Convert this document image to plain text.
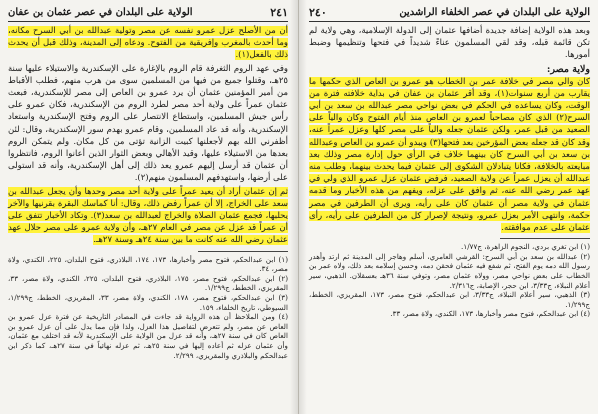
٢٤١
الولاية على البلدان في عصر عثمان بن عفان

أن من الأصلح عزل عمرو نفسه عن مصر وتولية عبدالله بن أبي السرح مكانه، وما أحدث بالمغرب وإفريقية من الفتوح. ودعاه إلى المدينة، وذلك قبل أن يحدث ذلك بالفعل(١).

وفي عهد الروم الثغرفة قام الروم بالإغارة على الإسكندرية والاستيلاء عليها سنة ٢٥هـ، وقتلوا جميع من فيها من المسلمين سوى من هرب منهم، فطلب الأقباط من أمير المؤمنين عثمان أن يرد عمرو بن العاص إلى مصر للإسكندرية، فبعث عثمان عمراً على ولاية أحد مصر لطرد الروم من الإسكندرية، فكان عمرو على رأس جيش المسلمين، واستطاع الانتصار على الروم وفتح الإسكندرية واستعاد الإسكندرية، وأنه قد عاد المسلمين، وقام عمرو بهدم سور الإسكندرية، وقال: لئن أظفرني الله بهم لأجعلنها كبيت الزانية تؤتى من كل مكان. ولم يتمكن الروم بعدها من الاستيلاء عليها، وقيد الأهالي وبعض الثوار الذين أعانوا الروم، فانتظروا أن عثمان قد أرسل إليهم عمرو يعد ذلك إلى أهل الإسكندرية، وأنه قد استولى على أرضها، واستهدفهم المسلمون منهم(٢).

ثم إن عثمان أراد أن يعيد عمراً على ولاية أحد مصر وحدها وأن يجعل عبدالله بن سعد على الخراج، إلا أن عمراً رفض ذلك، وقال: أنا كماسك البقرة بقرنيها والآخر يحلبها، فجمع عثمان الصلاة والخراج لعبدالله بن سعد(٣). وتكاد الأخبار تتفق على أن عمراً قد عزل عن مصر في العام ٢٧هـ، وأن ولاية عمرو على مصر حلال عهد عثمان رضي الله عنه كانت ما بين سنة ٢٤هـ وسنة ٢٧هـ.

(١) ابن عبدالحكم، فتوح مصر وأخبارها، ١٧٣، ١٧٤، البلاذري، فتوح البلدان، ٢٢٥، الكندي، ولاة مصر، ٣٤.

(٢) ابن عبدالحكم، فتوح مصر، ١٧٥، البلاذري، فتوح البلدان، ٢٢٥، الكندي، ولاة مصر، ٣٣، المقريزي، الخطط، ج١/٢٩٩.

(٣) ابن عبدالحكم، فتوح مصر، ١٧٨، الكندي، ولاة مصر، ٣٣، المقريزي، الخطط، ج١/٢٩٩، السيوطي، تاريخ الخلفاء، ١٥٩.

(٤) ومن الملاحظ أن هذه الرواية قد جاءت في المصادر التاريخية عن فترة عزل عمرو بن العاص عن مصر، ولم تتعرض لتفاصيل هذا العزل، ولذا فإن مما يدل على أن عزل عمرو بن العاص كان في سنة ٢٧هـ، وأنه قد عزل من الولاية على الإسكندرية لأنه قد اختلف مع عثمان، وأن عثمان عزله ثم أعاده إليها في سنة ٢٥هـ، ثم عزله نهائياً في سنة ٢٧هـ، كما ذكر ابن عبدالحكم والبلاذري والمقريزي، ٢/٢٩٩.

الولاية على البلدان في عصر الخلفاء الراشدين
٢٤٠

وبعد هذه الولاية إضافة جديدة أضافها عثمان إلى الدولة الإسلامية، وهي ولاية لم تكن قائمة قبله، وقد لقي المسلمون عناءً شديداً في فتحها وتنظيمها وضبط أمورها.

ولاية مصر:

كان والي مصر في خلافة عمر بن الخطاب هو عمرو بن العاص الذي حكمها ما يقارب من أربع سنوات(١)، وقد أقر عثمان بن عفان في بداية خلافته فترة من الوقت، وكان يساعده في الحكم في بعض نواحي مصر عبدالله بن سعد بن أبي السرح(٢) الذي كان مصاحباً لعمرو بن العاص منذ أيام الفتوح وكان والياً على الصعيد من قبل عمر، ولكن عثمان جعله والياً على مصر كلها وعزل عمراً عنه، وقد كان قد جعله بعض المؤرخين بعد فتحها(٣) ويبدو أن عمرو بن العاص وعبدالله بن سعد بن أبي السرح كان بينهما خلاف في الرأي حول إدارة مصر وذلك بعد مبايعته بالخلافة، فكانا يتبادلان الشكوى إلى عثمان فيما يحدث بينهما، وطلب منه عبدالله أن يعزل عمراً عن ولاية الصعيد، فرفض عثمان عزل عمرو الذي ولي في عهد عمر رضي الله عنه، ثم وافق على عزله، ويفهم من هذه الأخبار وما قدمه عثمان في ولاية مصر أن عثمان كان على رأيه، ويرى أن الطرفين في مصر حكمة، وانتهى الأمر بعزل عمرو، ونتيجة لإصرار كل من الطرفين على رأيه، رأى عثمان على عدم موافقته.

(١) ابن تغري بردي، النجوم الزاهرة، ج١/٧٧.

(٢) عبدالله بن سعد بن أبي السرح: القرشي العامري، أسلم وهاجر إلى المدينة ثم ارتد وأهدر رسول الله دمه يوم الفتح، ثم شفع فيه عثمان فحقن دمه، وحسن إسلامه بعد ذلك، ولاه عمر بن الخطاب على بعض نواحي مصر، وولاه عثمان مصر، وتوفي سنة ٣٦هـ بعسقلان. الذهبي، سير أعلام النبلاء، ج٣/٣٣، ابن حجر، الإصابة، ج٢/٣١٦.

(٣) الذهبي، سير أعلام النبلاء، ج٣/٣٣، ابن عبدالحكم، فتوح مصر، ١٧٣، المقريزي، الخطط، ج١/٢٩٩.

(٤) ابن عبدالحكم، فتوح مصر وأخبارها، ١٧٣، الكندي، ولاة مصر، ٣٣.
